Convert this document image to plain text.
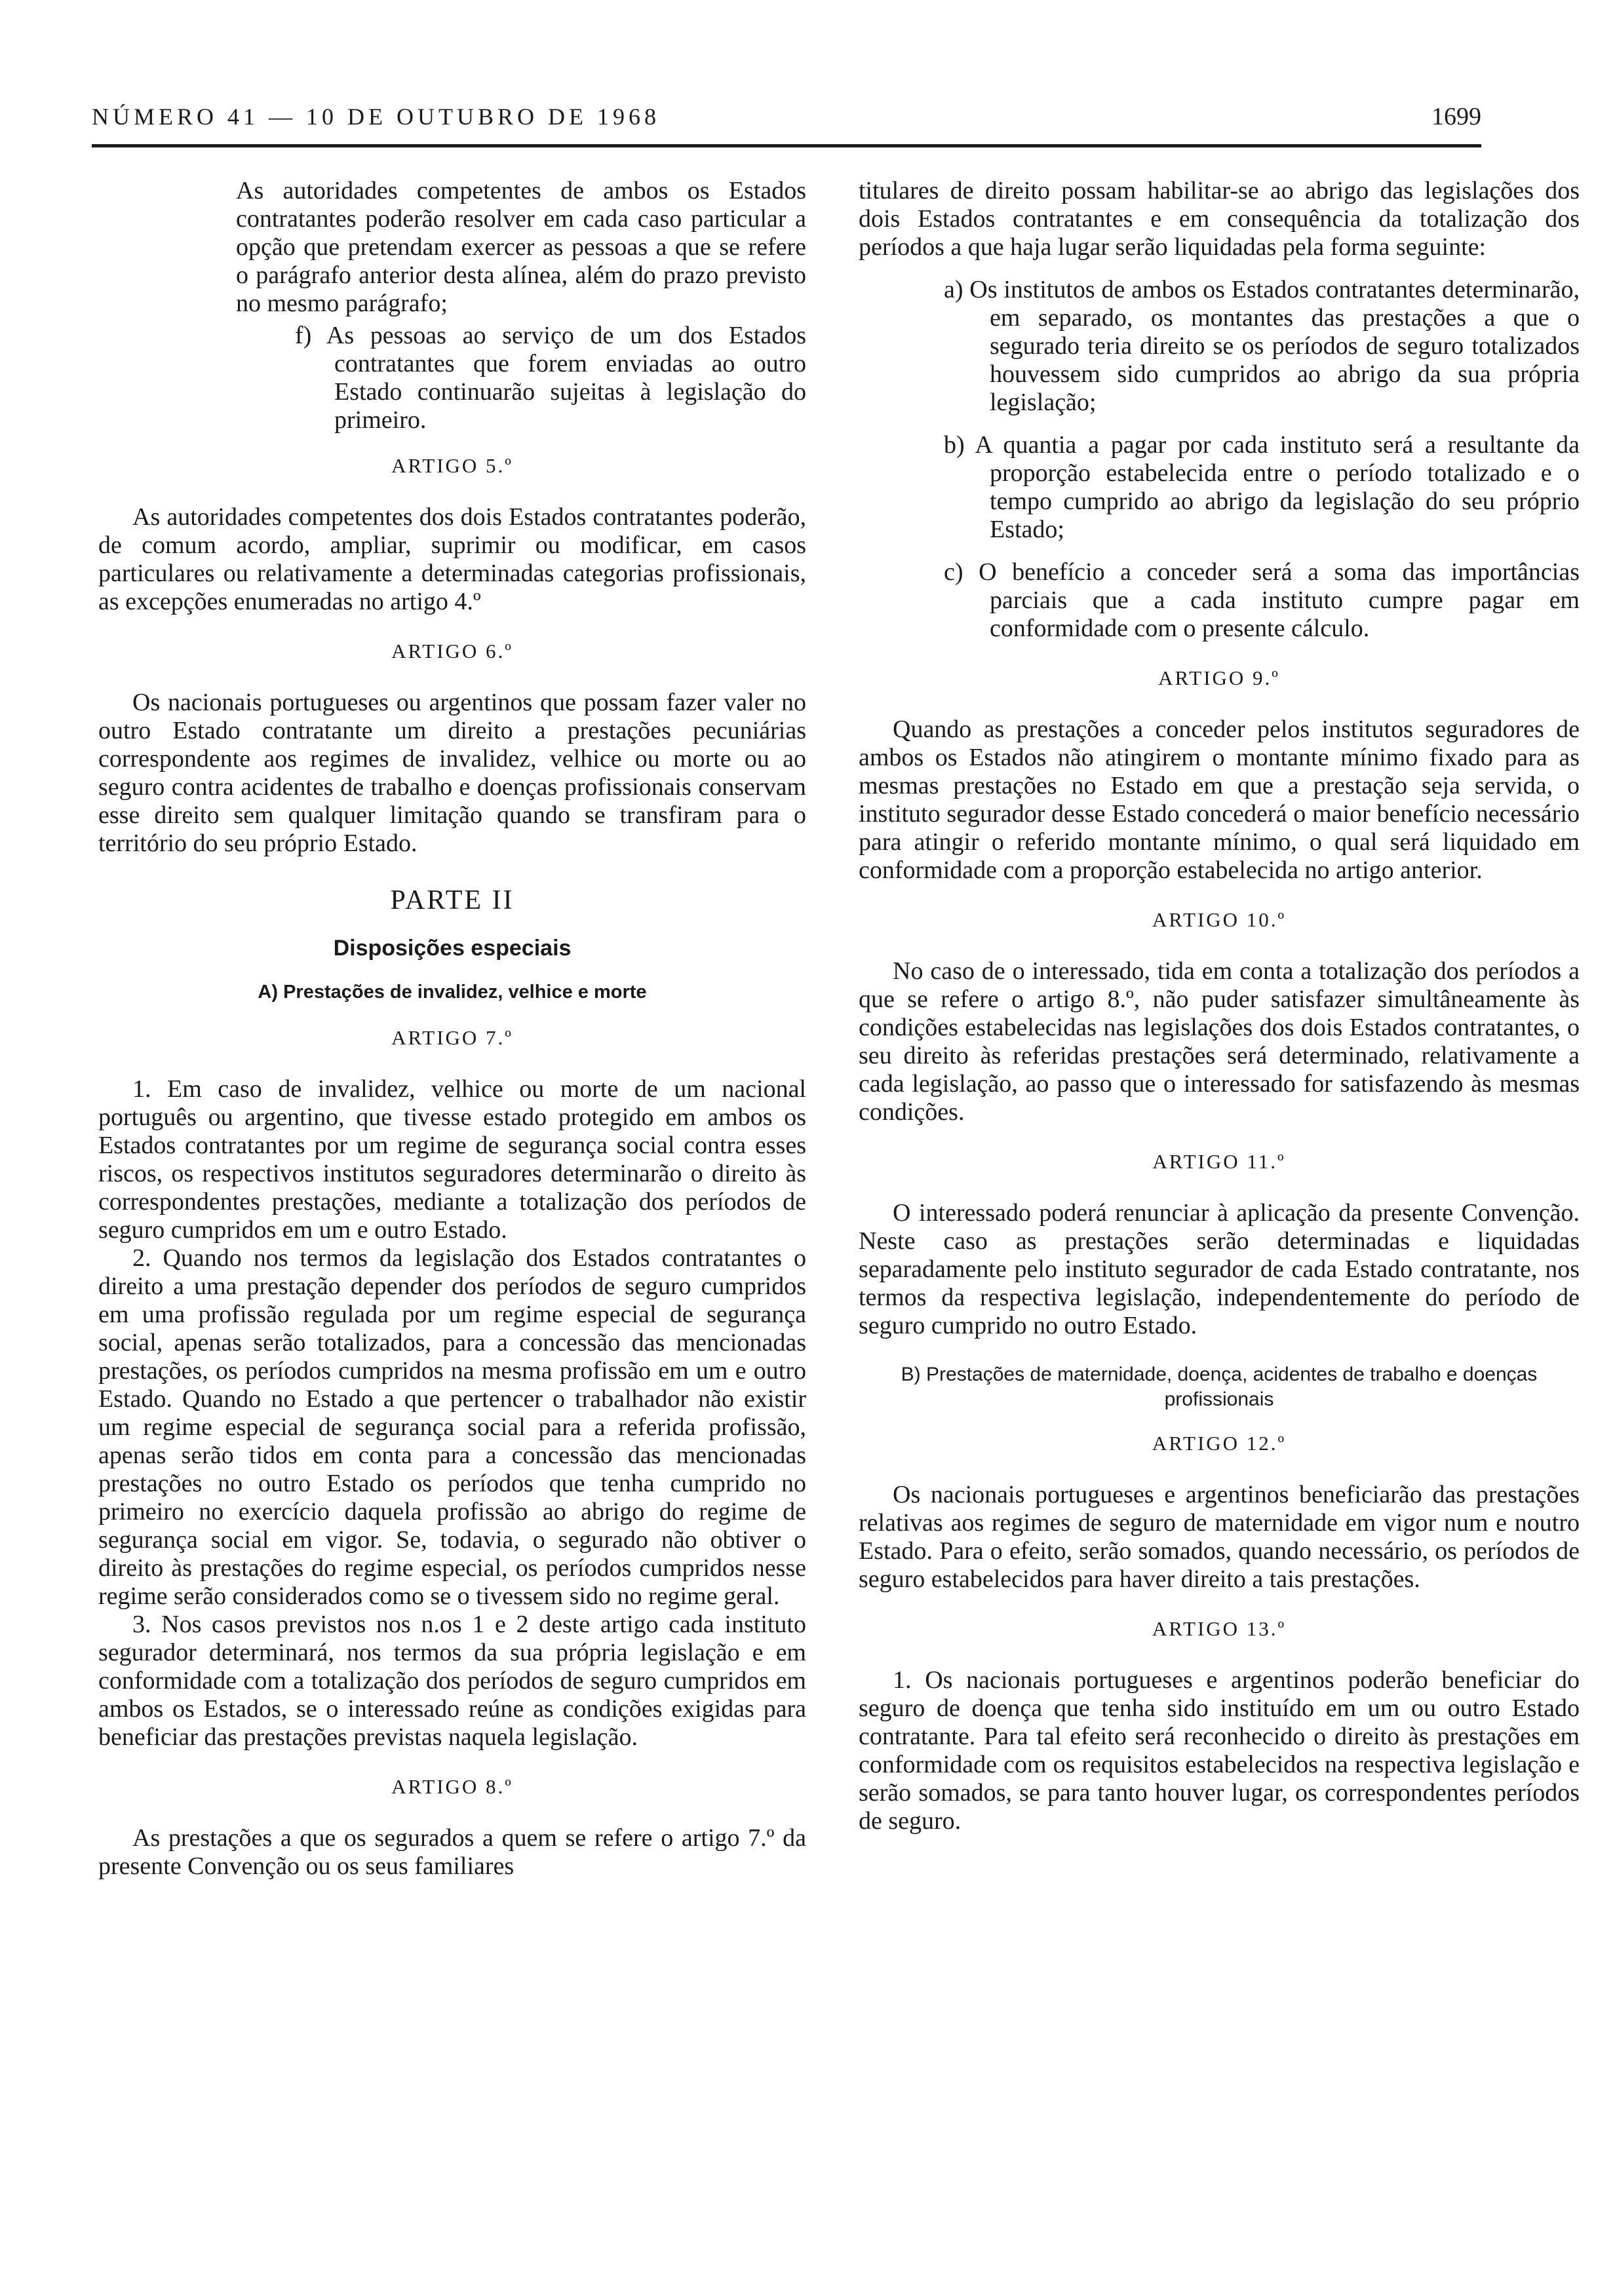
NÚMERO 41 — 10 DE OUTUBRO DE 1968	1699

As autoridades competentes de ambos os Estados contratantes poderão resolver em cada caso particular a opção que pretendam exercer as pessoas a que se refere o parágrafo anterior desta alínea, além do prazo previsto no mesmo parágrafo;

f) As pessoas ao serviço de um dos Estados contratantes que forem enviadas ao outro Estado continuarão sujeitas à legislação do primeiro.

ARTIGO 5.º

As autoridades competentes dos dois Estados contratantes poderão, de comum acordo, ampliar, suprimir ou modificar, em casos particulares ou relativamente a determinadas categorias profissionais, as excepções enumeradas no artigo 4.º

ARTIGO 6.º

Os nacionais portugueses ou argentinos que possam fazer valer no outro Estado contratante um direito a prestações pecuniárias correspondente aos regimes de invalidez, velhice ou morte ou ao seguro contra acidentes de trabalho e doenças profissionais conservam esse direito sem qualquer limitação quando se transfiram para o território do seu próprio Estado.

PARTE II

Disposições especiais

A) Prestações de invalidez, velhice e morte

ARTIGO 7.º

1. Em caso de invalidez, velhice ou morte de um nacional português ou argentino, que tivesse estado protegido em ambos os Estados contratantes por um regime de segurança social contra esses riscos, os respectivos institutos seguradores determinarão o direito às correspondentes prestações, mediante a totalização dos períodos de seguro cumpridos em um e outro Estado.

2. Quando nos termos da legislação dos Estados contratantes o direito a uma prestação depender dos períodos de seguro cumpridos em uma profissão regulada por um regime especial de segurança social, apenas serão totalizados, para a concessão das mencionadas prestações, os períodos cumpridos na mesma profissão em um e outro Estado. Quando no Estado a que pertencer o trabalhador não existir um regime especial de segurança social para a referida profissão, apenas serão tidos em conta para a concessão das mencionadas prestações no outro Estado os períodos que tenha cumprido no primeiro no exercício daquela profissão ao abrigo do regime de segurança social em vigor. Se, todavia, o segurado não obtiver o direito às prestações do regime especial, os períodos cumpridos nesse regime serão considerados como se o tivessem sido no regime geral.

3. Nos casos previstos nos n.os 1 e 2 deste artigo cada instituto segurador determinará, nos termos da sua própria legislação e em conformidade com a totalização dos períodos de seguro cumpridos em ambos os Estados, se o interessado reúne as condições exigidas para beneficiar das prestações previstas naquela legislação.

ARTIGO 8.º

As prestações a que os segurados a quem se refere o artigo 7.º da presente Convenção ou os seus familiares

titulares de direito possam habilitar-se ao abrigo das legislações dos dois Estados contratantes e em consequência da totalização dos períodos a que haja lugar serão liquidadas pela forma seguinte:

a) Os institutos de ambos os Estados contratantes determinarão, em separado, os montantes das prestações a que o segurado teria direito se os períodos de seguro totalizados houvessem sido cumpridos ao abrigo da sua própria legislação;

b) A quantia a pagar por cada instituto será a resultante da proporção estabelecida entre o período totalizado e o tempo cumprido ao abrigo da legislação do seu próprio Estado;

c) O benefício a conceder será a soma das importâncias parciais que a cada instituto cumpre pagar em conformidade com o presente cálculo.

ARTIGO 9.º

Quando as prestações a conceder pelos institutos seguradores de ambos os Estados não atingirem o montante mínimo fixado para as mesmas prestações no Estado em que a prestação seja servida, o instituto segurador desse Estado concederá o maior benefício necessário para atingir o referido montante mínimo, o qual será liquidado em conformidade com a proporção estabelecida no artigo anterior.

ARTIGO 10.º

No caso de o interessado, tida em conta a totalização dos períodos a que se refere o artigo 8.º, não puder satisfazer simultâneamente às condições estabelecidas nas legislações dos dois Estados contratantes, o seu direito às referidas prestações será determinado, relativamente a cada legislação, ao passo que o interessado for satisfazendo às mesmas condições.

ARTIGO 11.º

O interessado poderá renunciar à aplicação da presente Convenção. Neste caso as prestações serão determinadas e liquidadas separadamente pelo instituto segurador de cada Estado contratante, nos termos da respectiva legislação, independentemente do período de seguro cumprido no outro Estado.

B) Prestações de maternidade, doença, acidentes de trabalho e doenças profissionais

ARTIGO 12.º

Os nacionais portugueses e argentinos beneficiarão das prestações relativas aos regimes de seguro de maternidade em vigor num e noutro Estado. Para o efeito, serão somados, quando necessário, os períodos de seguro estabelecidos para haver direito a tais prestações.

ARTIGO 13.º

1. Os nacionais portugueses e argentinos poderão beneficiar do seguro de doença que tenha sido instituído em um ou outro Estado contratante. Para tal efeito será reconhecido o direito às prestações em conformidade com os requisitos estabelecidos na respectiva legislação e serão somados, se para tanto houver lugar, os correspondentes períodos de seguro.
